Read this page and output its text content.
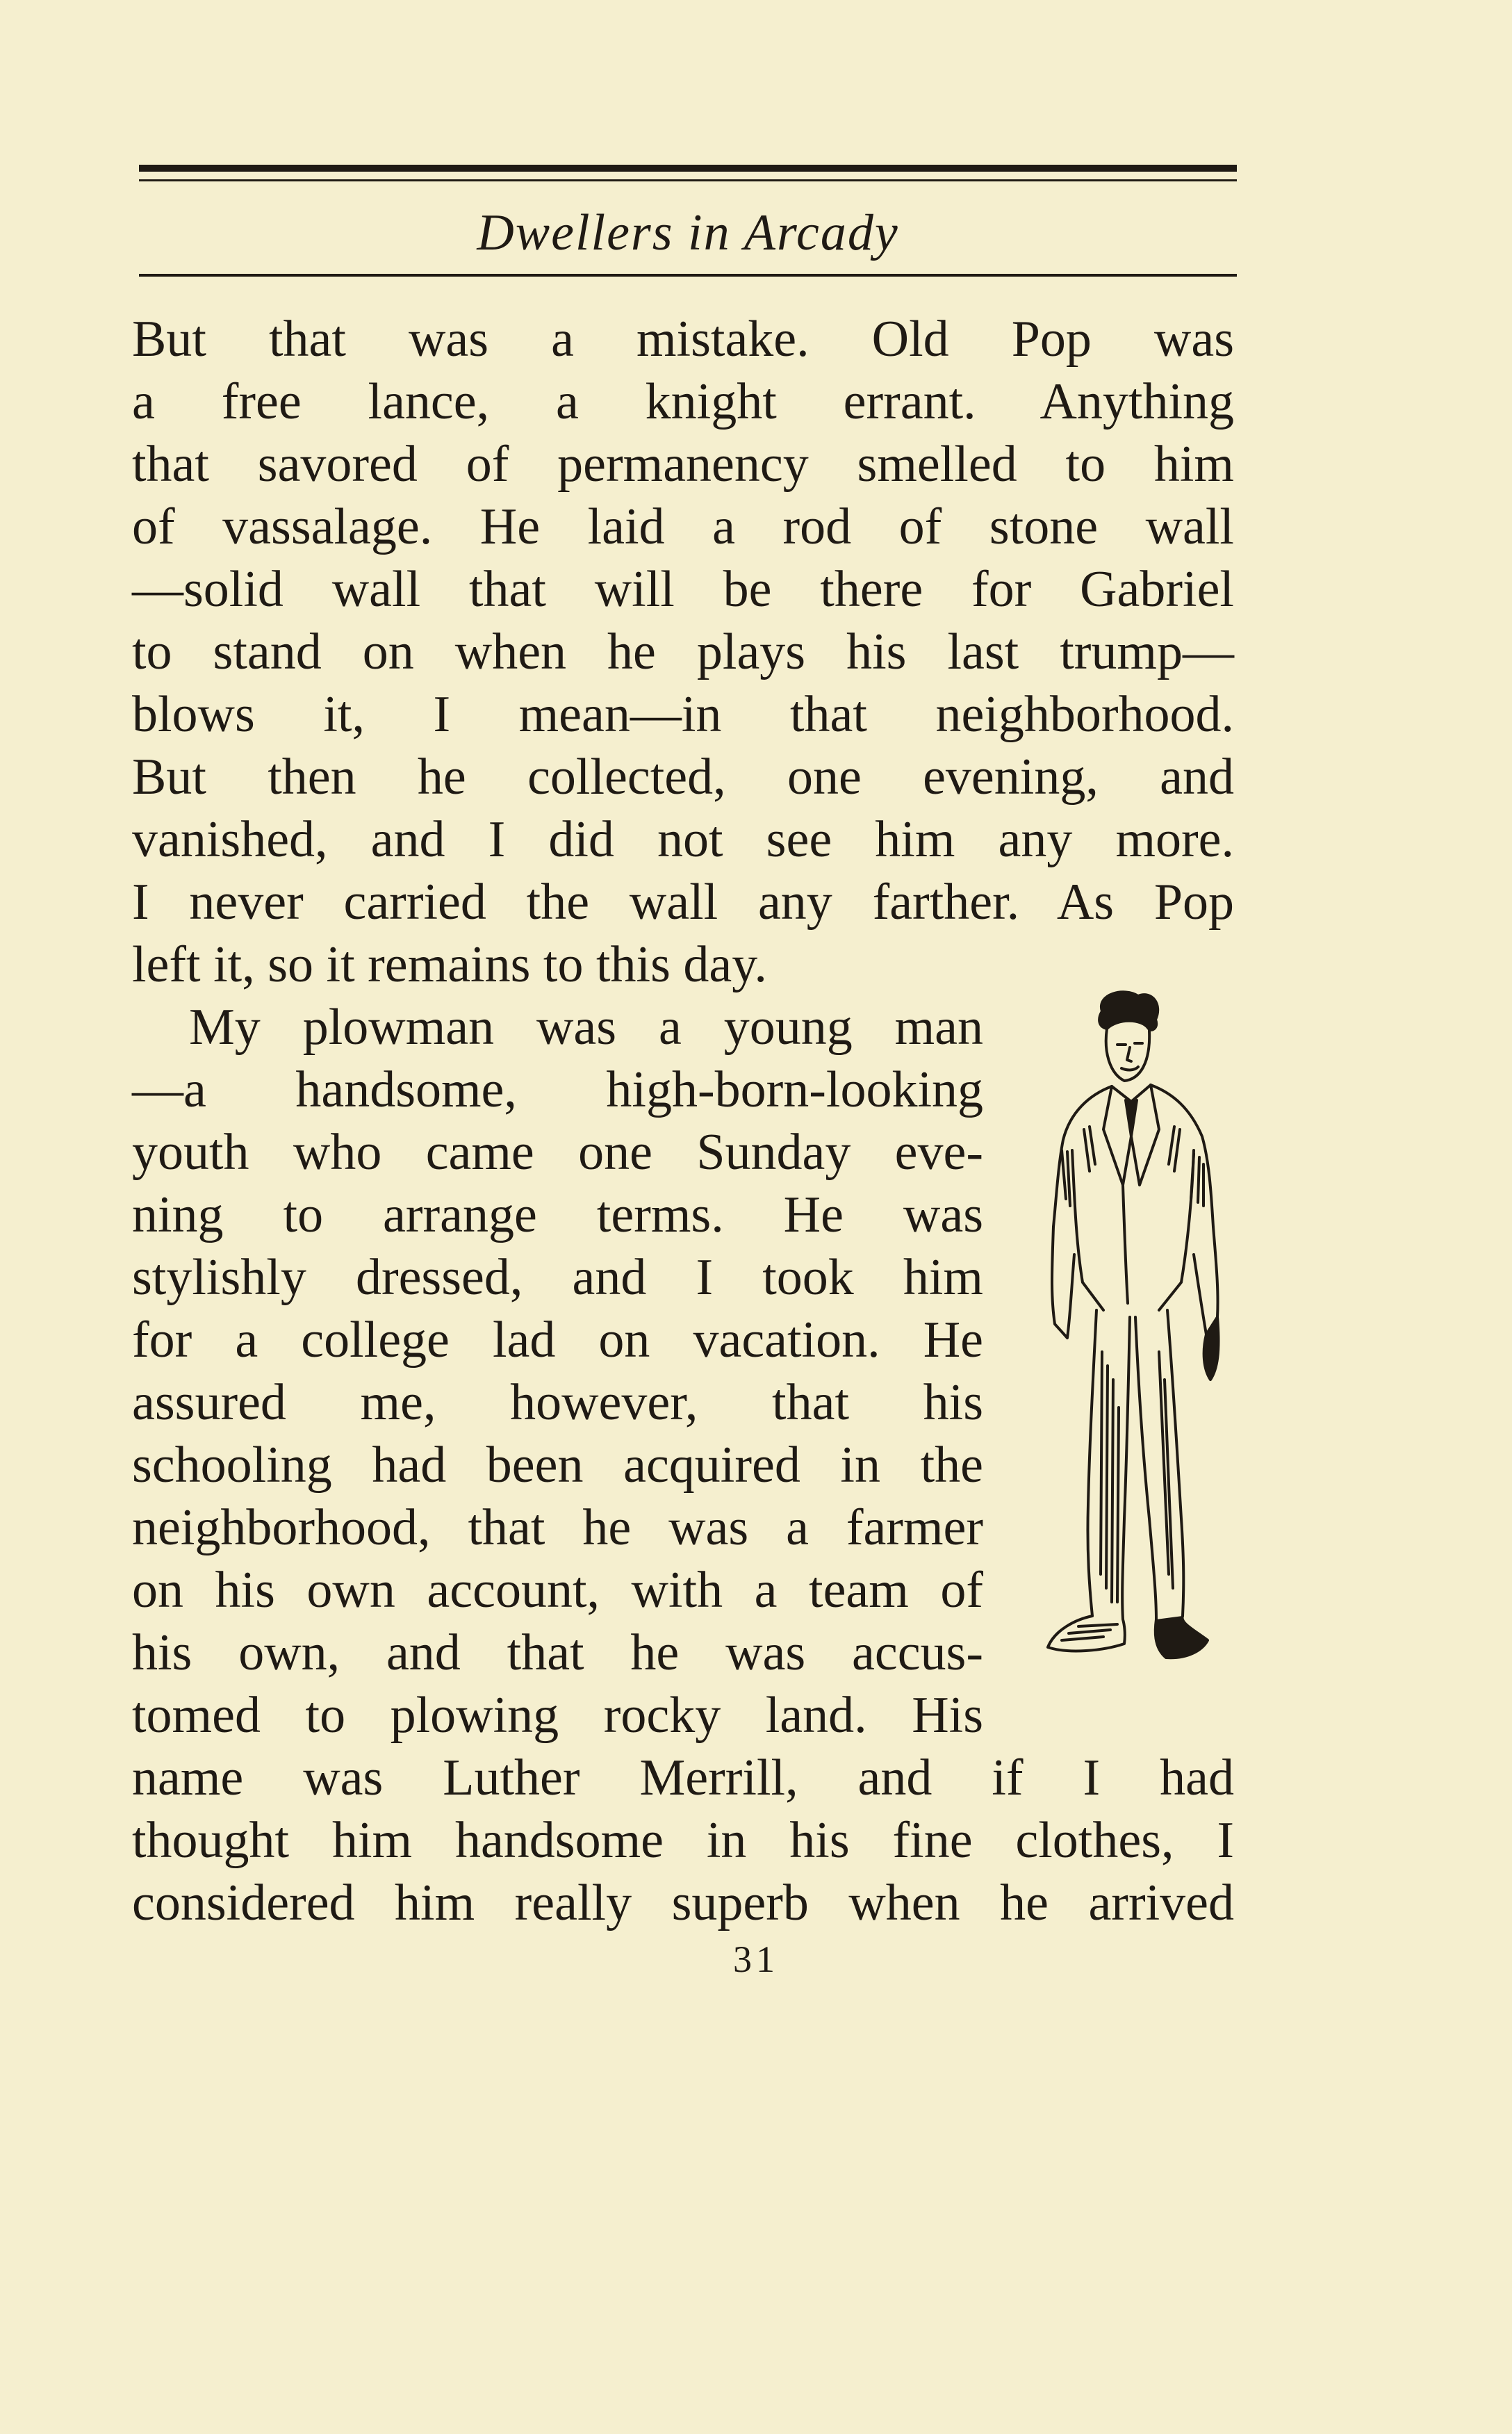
Dwellers in Arcady
But that was a mistake. Old Pop was
a free lance, a knight errant. Anything
that savored of permanency smelled to him
of vassalage. He laid a rod of stone wall
—solid wall that will be there for Gabriel
to stand on when he plays his last trump—
blows it, I mean—in that neighborhood.
But then he collected, one evening, and
vanished, and I did not see him any more.
I never carried the wall any farther. As Pop
left it, so it remains to this day.
My plowman was a young man
—a handsome, high-born-looking
youth who came one Sunday eve-
ning to arrange terms. He was
stylishly dressed, and I took him
for a college lad on vacation. He
assured me, however, that his
schooling had been acquired in the
neighborhood, that he was a farmer
on his own account, with a team of
his own, and that he was accus-
tomed to plowing rocky land. His
name was Luther Merrill, and if I had
thought him handsome in his fine clothes, I
considered him really superb when he arrived
31
